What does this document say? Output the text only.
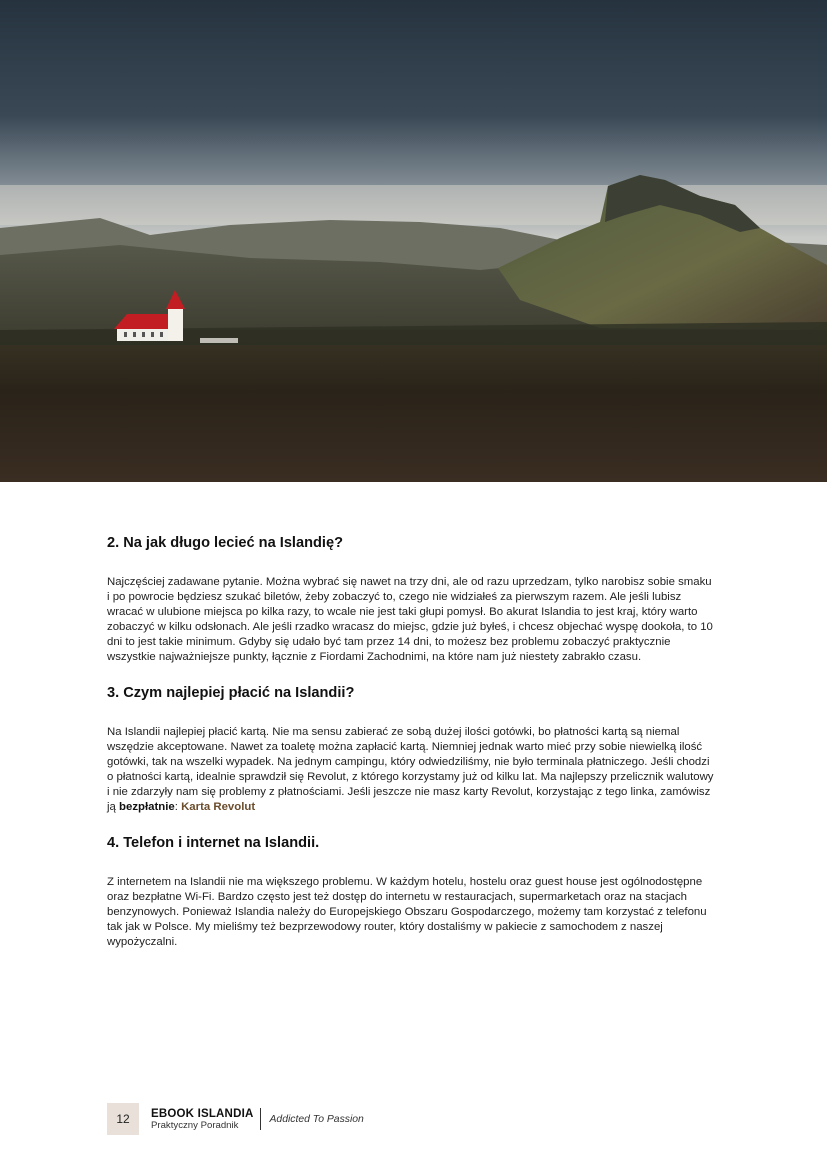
2. Na jak długo lecieć na Islandię?

Najczęściej zadawane pytanie. Można wybrać się nawet na trzy dni, ale od razu uprzedzam, tylko narobisz sobie smaku i po powrocie będziesz szukać biletów, żeby zobaczyć to, czego nie widziałeś za pierwszym razem. Ale jeśli lubisz wracać w ulubione miejsca po kilka razy, to wcale nie jest taki głupi pomysł. Bo akurat Islandia to jest kraj, który warto zobaczyć w kilku odsłonach. Ale jeśli rzadko wracasz do miejsc, gdzie już byłeś, i chcesz objechać wyspę dookoła, to 10 dni to jest takie minimum. Gdyby się udało być tam przez 14 dni, to możesz bez problemu zobaczyć praktycznie wszystkie najważniejsze punkty, łącznie z Fiordami Zachodnimi, na które nam już niestety zabrakło czasu.

3. Czym najlepiej płacić na Islandii?

Na Islandii najlepiej płacić kartą. Nie ma sensu zabierać ze sobą dużej ilości gotówki, bo płatności kartą są niemal wszędzie akceptowane. Nawet za toaletę można zapłacić kartą. Niemniej jednak warto mieć przy sobie niewielką ilość gotówki, tak na wszelki wypadek. Na jednym campingu, który odwiedziliśmy, nie było terminala płatniczego. Jeśli chodzi o płatności kartą, idealnie sprawdził się Revolut, z którego korzystamy już od kilku lat. Ma najlepszy przelicznik walutowy i nie zdarzyły nam się problemy z płatnościami. Jeśli jeszcze nie masz karty Revolut, korzystając z tego linka, zamówisz ją bezpłatnie: Karta Revolut

4. Telefon i internet na Islandii.

Z internetem na Islandii nie ma większego problemu. W każdym hotelu, hostelu oraz guest house jest ogólnodostępne oraz bezpłatne Wi-Fi. Bardzo często jest też dostęp do internetu w restauracjach, supermarketach oraz na stacjach benzynowych. Ponieważ Islandia należy do Europejskiego Obszaru Gospodarczego, możemy tam korzystać z telefonu tak jak w Polsce. My mieliśmy też bezprzewodowy router, który dostaliśmy w pakiecie z samochodem z naszej wypożyczalni.

12	EBOOK ISLANDIA
Praktyczny Poradnik
Addicted To Passion
